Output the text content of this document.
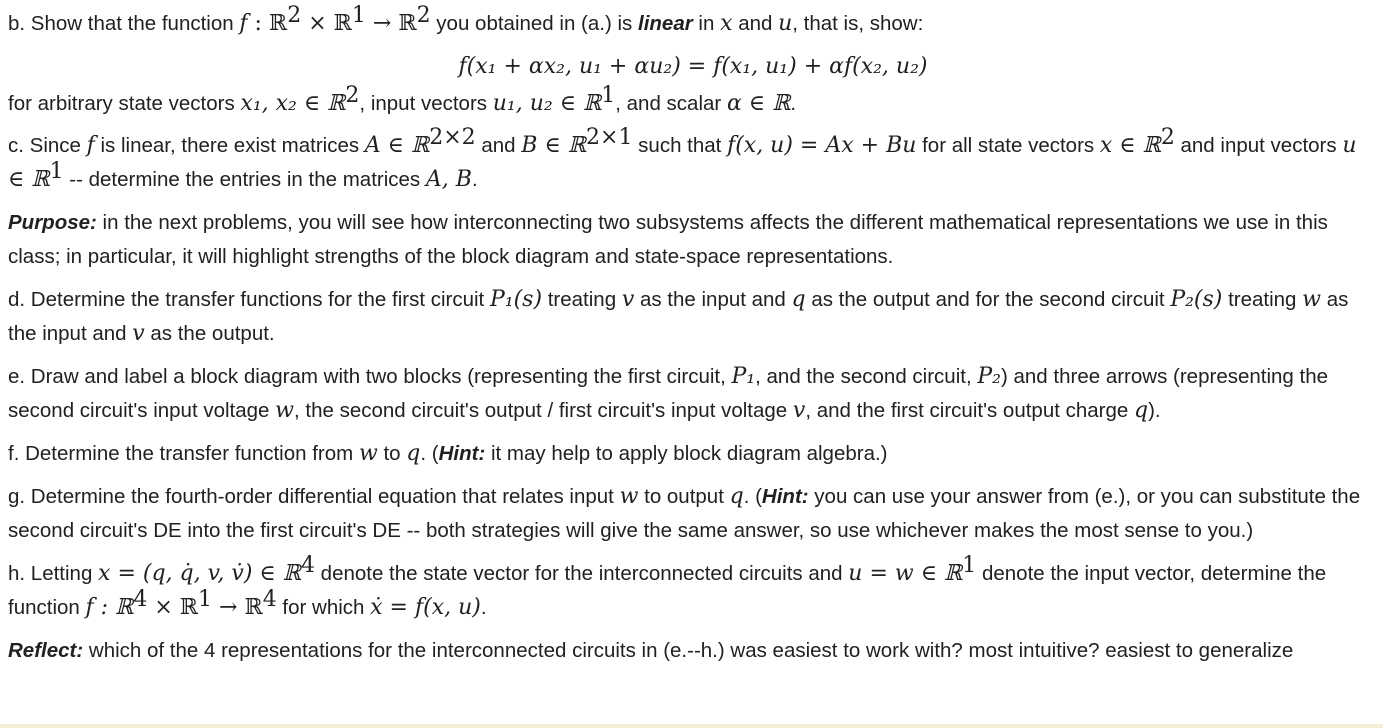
b. Show that the function f : ℝ$^2$ × ℝ$^1$ → ℝ$^2$ you obtained in (a.) is linear in x and u, that is, show:

f(x₁ + αx₂, u₁ + αu₂) = f(x₁, u₁) + αf(x₂, u₂)

for arbitrary state vectors x₁, x₂ ∈ ℝ$^2$, input vectors u₁, u₂ ∈ ℝ$^1$, and scalar α ∈ ℝ.

c. Since f is linear, there exist matrices A ∈ ℝ$^{2\times 2}$ and B ∈ ℝ$^{2\times 1}$ such that f(x, u) = Ax + Bu for all state vectors x ∈ ℝ$^2$ and input vectors u ∈ ℝ$^1$ -- determine the entries in the matrices A, B.

Purpose: in the next problems, you will see how interconnecting two subsystems affects the different mathematical representations we use in this class; in particular, it will highlight strengths of the block diagram and state-space representations.

d. Determine the transfer functions for the first circuit P₁(s) treating v as the input and q as the output and for the second circuit P₂(s) treating w as the input and v as the output.

e. Draw and label a block diagram with two blocks (representing the first circuit, P₁, and the second circuit, P₂) and three arrows (representing the second circuit's input voltage w, the second circuit's output / first circuit's input voltage v, and the first circuit's output charge q).

f. Determine the transfer function from w to q. (Hint: it may help to apply block diagram algebra.)

g. Determine the fourth-order differential equation that relates input w to output q. (Hint: you can use your answer from (e.), or you can substitute the second circuit's DE into the first circuit's DE -- both strategies will give the same answer, so use whichever makes the most sense to you.)

h. Letting x = (q, q̇, v, v̇) ∈ ℝ$^4$ denote the state vector for the interconnected circuits and u = w ∈ ℝ$^1$ denote the input vector, determine the function f : ℝ$^4$ × ℝ$^1$ → ℝ$^4$ for which ẋ = f(x, u).

Reflect: which of the 4 representations for the interconnected circuits in (e.--h.) was easiest to work with? most intuitive? easiest to generalize
